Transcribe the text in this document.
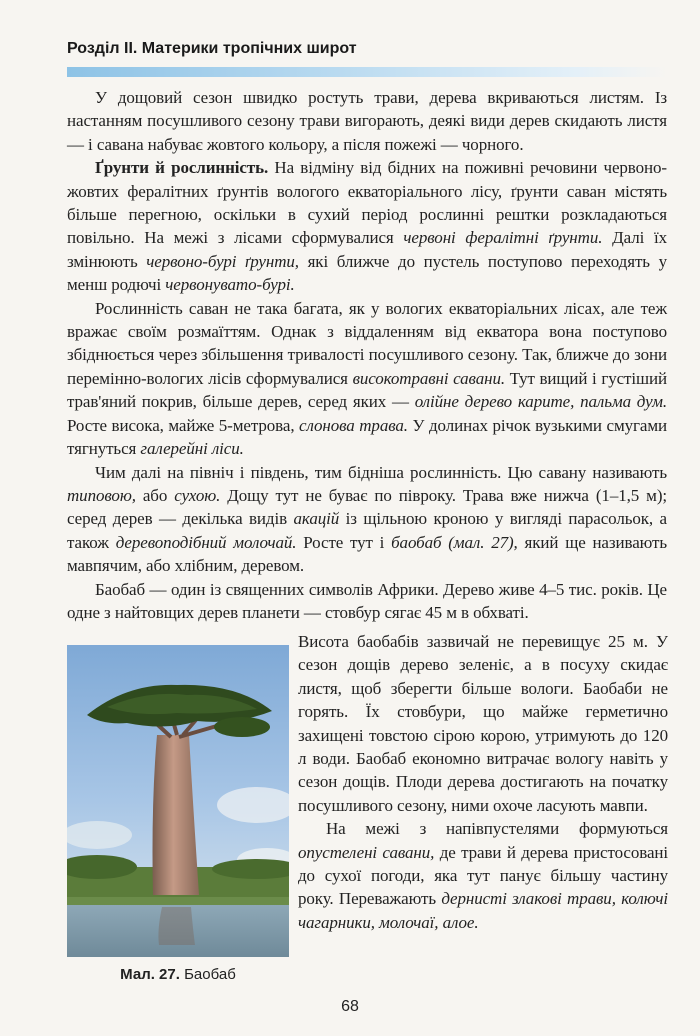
Розділ ІІ. Материки тропічних широт

У дощовий сезон швидко ростуть трави, дерева вкриваються листям. Із настанням посушливого сезону трави вигорають, деякі види дерев скидають листя — і савана набуває жовтого кольору, а після пожежі — чорного.

Ґрунти й рослинність. На відміну від бідних на поживні речовини червоно-жовтих фералітних ґрунтів вологого екваторіального лісу, ґрунти саван містять більше перегною, оскільки в сухий період рослинні рештки розкладаються повільно. На межі з лісами сформувалися червоні фералітні ґрунти. Далі їх змінюють червоно-бурі ґрунти, які ближче до пустель поступово переходять у менш родючі червонувато-бурі.

Рослинність саван не така багата, як у вологих екваторіальних лісах, але теж вражає своїм розмаїттям. Однак з віддаленням від екватора вона поступово збіднюється через збільшення тривалості посушливого сезону. Так, ближче до зони перемінно-вологих лісів сформувалися високотравні савани. Тут вищий і густіший трав'яний покрив, більше дерев, серед яких — олійне дерево карите, пальма дум. Росте висока, майже 5-метрова, слонова трава. У долинах річок вузькими смугами тягнуться галерейні ліси.

Чим далі на північ і південь, тим бідніша рослинність. Цю савану називають типовою, або сухою. Дощу тут не буває по півроку. Трава вже нижча (1–1,5 м); серед дерев — декілька видів акацій із щільною кроною у вигляді парасольок, а також деревоподібний молочай. Росте тут і баобаб (мал. 27), який ще називають мавпячим, або хлібним, деревом.

Баобаб — один із священних символів Африки. Дерево живе 4–5 тис. років. Це одне з найтовщих дерев планети — стовбур сягає 45 м в обхваті.

Мал. 27. Баобаб

Висота баобабів зазвичай не перевищує 25 м. У сезон дощів дерево зеленіє, а в посуху скидає листя, щоб зберегти більше вологи. Баобаби не горять. Їх стовбури, що майже герметично захищені товстою сірою корою, утримують до 120 л води. Баобаб економно витрачає вологу навіть у сезон дощів. Плоди дерева достигають на початку посушливого сезону, ними охоче ласують мавпи.

На межі з напівпустелями формуються опустелені савани, де трави й дерева пристосовані до сухої погоди, яка тут панує більшу частину року. Переважають дернисті злакові трави, колючі чагарники, молочаї, алое.

68
